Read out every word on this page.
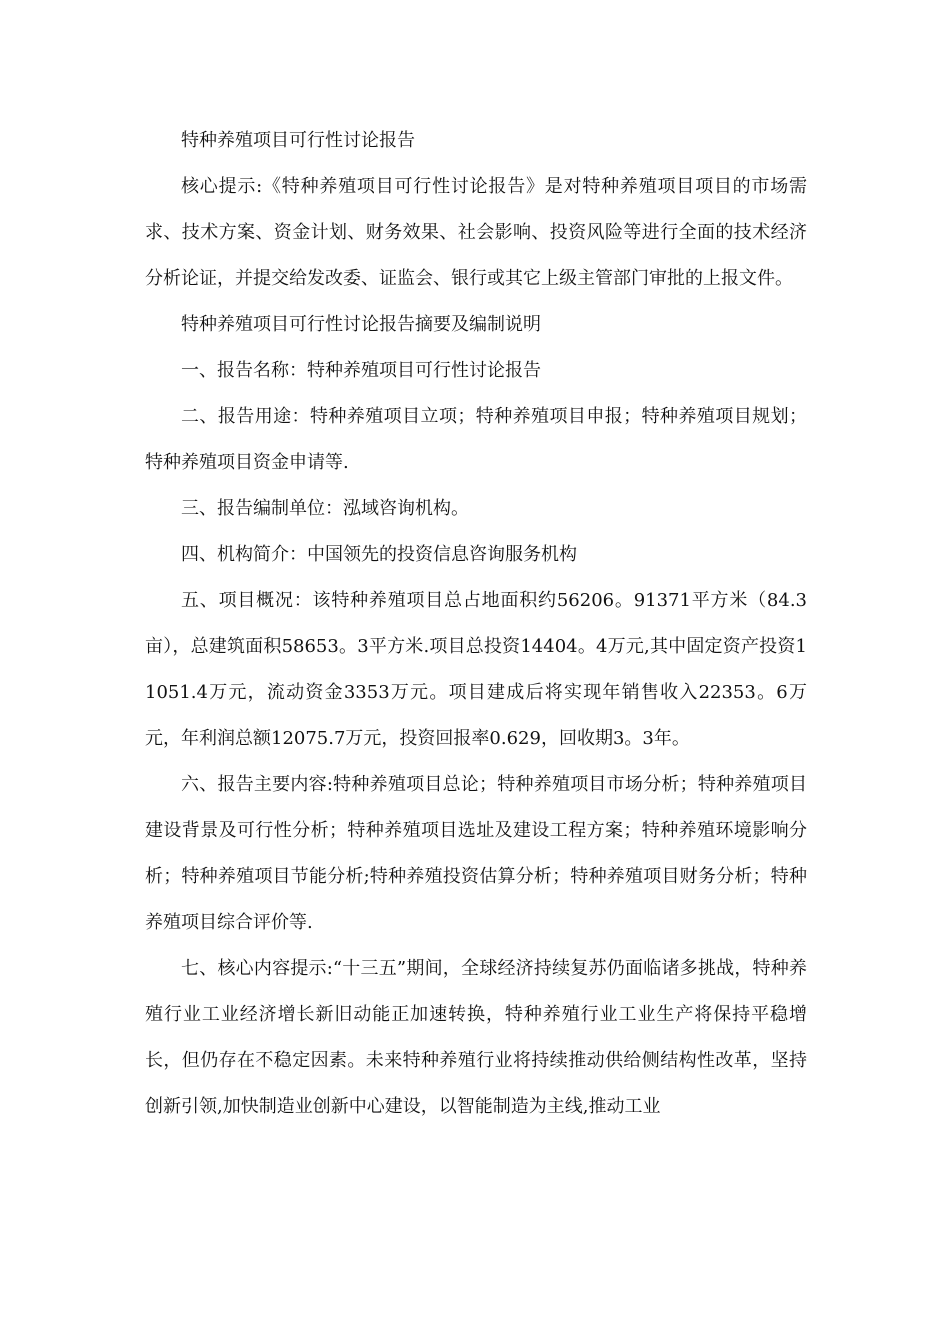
特种养殖项目可行性讨论报告

核心提示:《特种养殖项目可行性讨论报告》是对特种养殖项目项目的市场需求、技术方案、资金计划、财务效果、社会影响、投资风险等进行全面的技术经济分析论证，并提交给发改委、证监会、银行或其它上级主管部门审批的上报文件。

特种养殖项目可行性讨论报告摘要及编制说明

一、报告名称：特种养殖项目可行性讨论报告

二、报告用途：特种养殖项目立项；特种养殖项目申报；特种养殖项目规划；特种养殖项目资金申请等.

三、报告编制单位：泓域咨询机构。

四、机构简介：中国领先的投资信息咨询服务机构

五、项目概况：该特种养殖项目总占地面积约56206。91371平方米（84.3亩），总建筑面积58653。3平方米.项目总投资14404。4万元,其中固定资产投资11051.4万元，流动资金3353万元。项目建成后将实现年销售收入22353。6万元，年利润总额12075.7万元，投资回报率0.629，回收期3。3年。

六、报告主要内容:特种养殖项目总论；特种养殖项目市场分析；特种养殖项目建设背景及可行性分析；特种养殖项目选址及建设工程方案；特种养殖环境影响分析；特种养殖项目节能分析;特种养殖投资估算分析；特种养殖项目财务分析；特种养殖项目综合评价等.

七、核心内容提示:“十三五”期间，全球经济持续复苏仍面临诸多挑战，特种养殖行业工业经济增长新旧动能正加速转换，特种养殖行业工业生产将保持平稳增长，但仍存在不稳定因素。未来特种养殖行业将持续推动供给侧结构性改革，坚持创新引领,加快制造业创新中心建设，以智能制造为主线,推动工业
